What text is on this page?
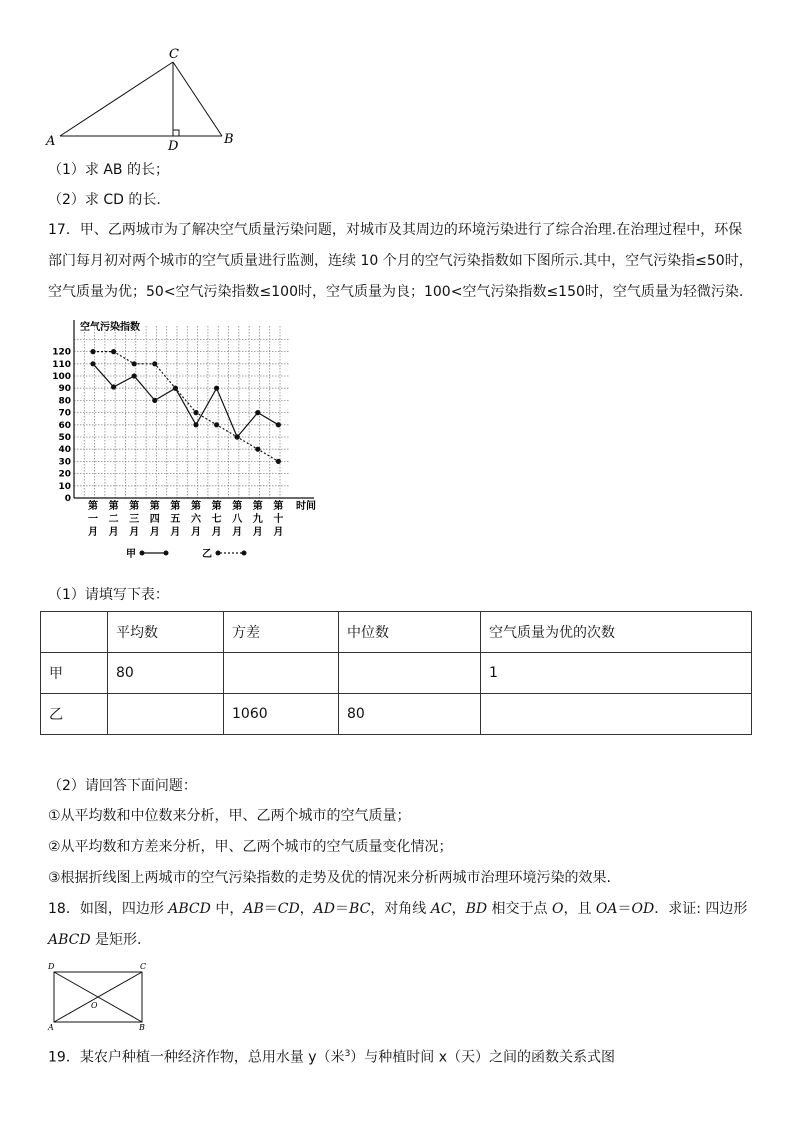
C
A	D	B
（1）求 AB 的长；
（2）求 CD 的长.
17．甲、乙两城市为了解决空气质量污染问题，对城市及其周边的环境污染进行了综合治理.在治理过程中，环保部门每月初对两个城市的空气质量进行监测，连续 10 个月的空气污染指数如下图所示.其中，空气污染指≤50时，空气质量为优；50<空气污染指数≤100时，空气质量为良；100<空气污染指数≤150时，空气质量为轻微污染.
空气污染指数
时间
0
10
20
30
40
50
60
70
80
90
100
110
120
第
一
月
第
二
月
第
三
月
第
四
月
第
五
月
第
六
月
第
七
月
第
八
月
第
九
月
第
十
月
甲	乙
（1）请填写下表：
	平均数	方差	中位数	空气质量为优的次数
甲	80			1
乙		1060	80	
（2）请回答下面问题：
①从平均数和中位数来分析，甲、乙两个城市的空气质量；
②从平均数和方差来分析，甲、乙两个城市的空气质量变化情况；
③根据折线图上两城市的空气污染指数的走势及优的情况来分析两城市治理环境污染的效果.
18．如图，四边形 ABCD 中，AB＝CD，AD＝BC，对角线 AC，BD 相交于点 O，且 OA＝OD．求证: 四边形 ABCD 是矩形.
D	C
O
A	B
19．某农户种植一种经济作物，总用水量 y（米$^3$）与种植时间 x（天）之间的函数关系式图
